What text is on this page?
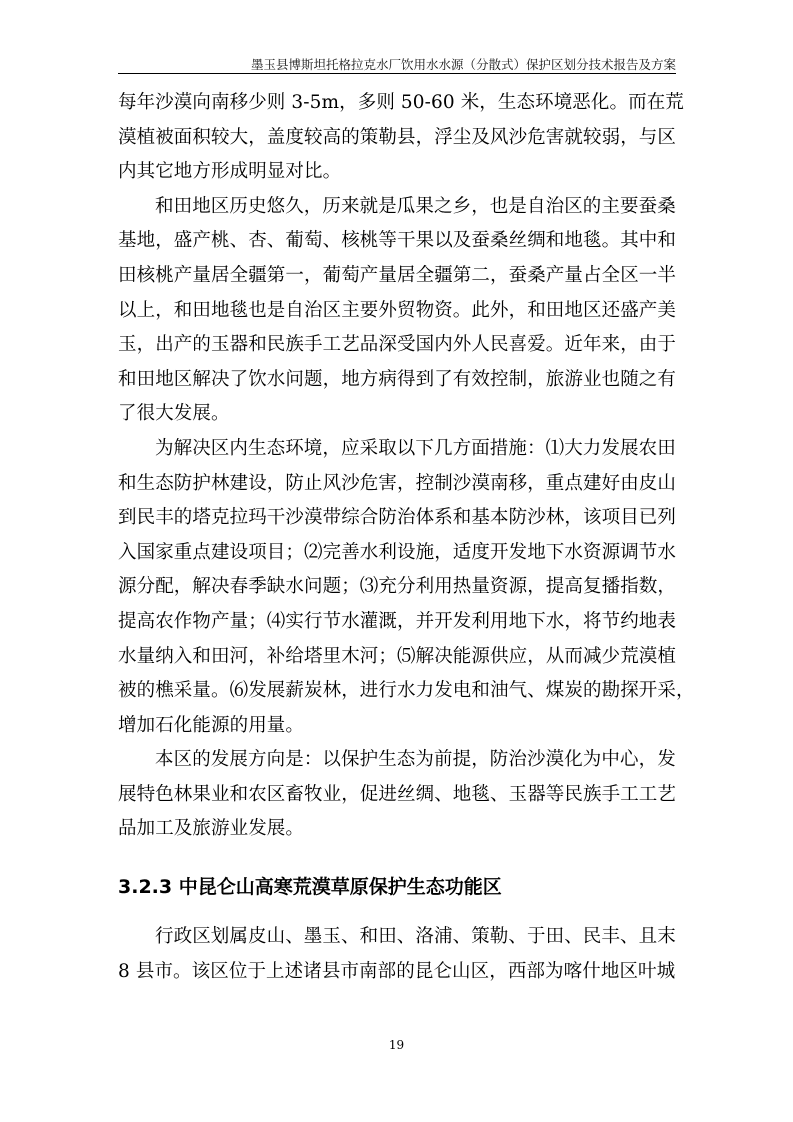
墨玉县博斯坦托格拉克水厂饮用水水源（分散式）保护区划分技术报告及方案
每年沙漠向南移少则 3-5m，多则 50-60 米，生态环境恶化。而在荒
漠植被面积较大，盖度较高的策勒县，浮尘及风沙危害就较弱，与区
内其它地方形成明显对比。
和田地区历史悠久，历来就是瓜果之乡，也是自治区的主要蚕桑
基地，盛产桃、杏、葡萄、核桃等干果以及蚕桑丝绸和地毯。其中和
田核桃产量居全疆第一，葡萄产量居全疆第二，蚕桑产量占全区一半
以上，和田地毯也是自治区主要外贸物资。此外，和田地区还盛产美
玉，出产的玉器和民族手工艺品深受国内外人民喜爱。近年来，由于
和田地区解决了饮水问题，地方病得到了有效控制，旅游业也随之有
了很大发展。
为解决区内生态环境，应采取以下几方面措施：⑴大力发展农田
和生态防护林建设，防止风沙危害，控制沙漠南移，重点建好由皮山
到民丰的塔克拉玛干沙漠带综合防治体系和基本防沙林，该项目已列
入国家重点建设项目；⑵完善水利设施，适度开发地下水资源调节水
源分配，解决春季缺水问题；⑶充分利用热量资源，提高复播指数，
提高农作物产量；⑷实行节水灌溉，并开发利用地下水，将节约地表
水量纳入和田河，补给塔里木河；⑸解决能源供应，从而减少荒漠植
被的樵采量。⑹发展薪炭林，进行水力发电和油气、煤炭的勘探开采，
增加石化能源的用量。
本区的发展方向是：以保护生态为前提，防治沙漠化为中心，发
展特色林果业和农区畜牧业，促进丝绸、地毯、玉器等民族手工工艺
品加工及旅游业发展。
3.2.3 中昆仑山高寒荒漠草原保护生态功能区
行政区划属皮山、墨玉、和田、洛浦、策勒、于田、民丰、且末
8 县市。该区位于上述诸县市南部的昆仑山区，西部为喀什地区叶城
19
